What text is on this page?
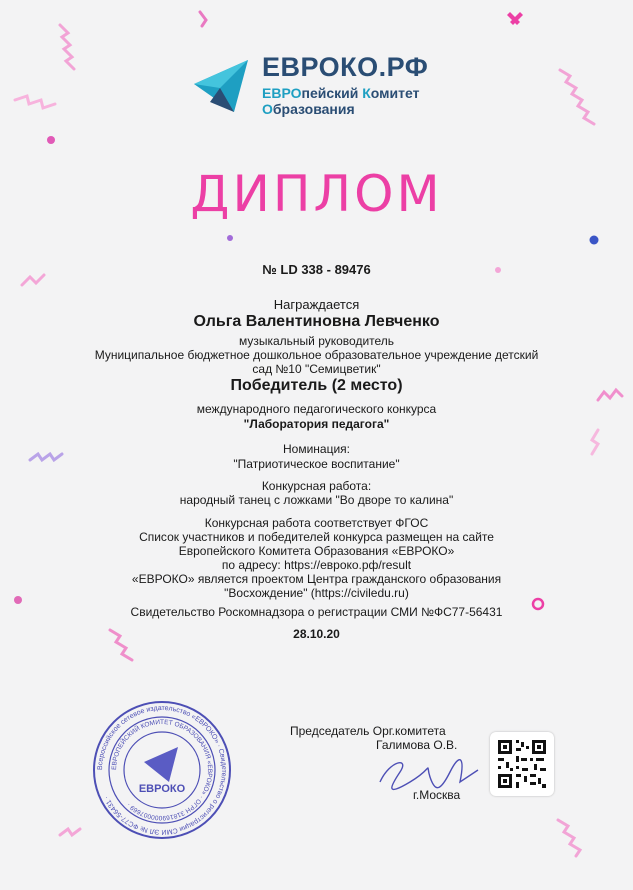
ЕВРОКО.РФ
ЕВРОпейский Комитет
Образования
ДИПЛОМ
№ LD 338 - 89476
Награждается
Ольга Валентиновна Левченко
музыкальный руководитель
Муниципальное бюджетное дошкольное образовательное учреждение детский
сад №10 "Семицветик"
Победитель (2 место)
международного педагогического конкурса
"Лаборатория педагога"
Номинация:
"Патриотическое воспитание"
Конкурсная работа:
народный танец с ложками "Во дворе то калина"
Конкурсная работа соответствует ФГОС
Список участников и победителей конкурса размещен на сайте
Европейского Комитета Образования «ЕВРОКО»
по адресу: https://евроко.рф/result
«ЕВРОКО» является проектом Центра гражданского образования
"Восхождение" (https://civiledu.ru)
Свидетельство Роскомнадзора о регистрации СМИ №ФС77-56431
28.10.20
Всероссийское сетевое издательство «ЕВРОКО» · Свидетельство о регистрации СМИ ЭЛ № ФС77-56431 ·
ЕВРОПЕЙСКИЙ КОМИТЕТ ОБРАЗОВАНИЯ «ЕВРОКО» · ОГРН 318169000007669 ·
ЕВРОКО
Председатель Орг.комитета
Галимова О.В.
г.Москва
